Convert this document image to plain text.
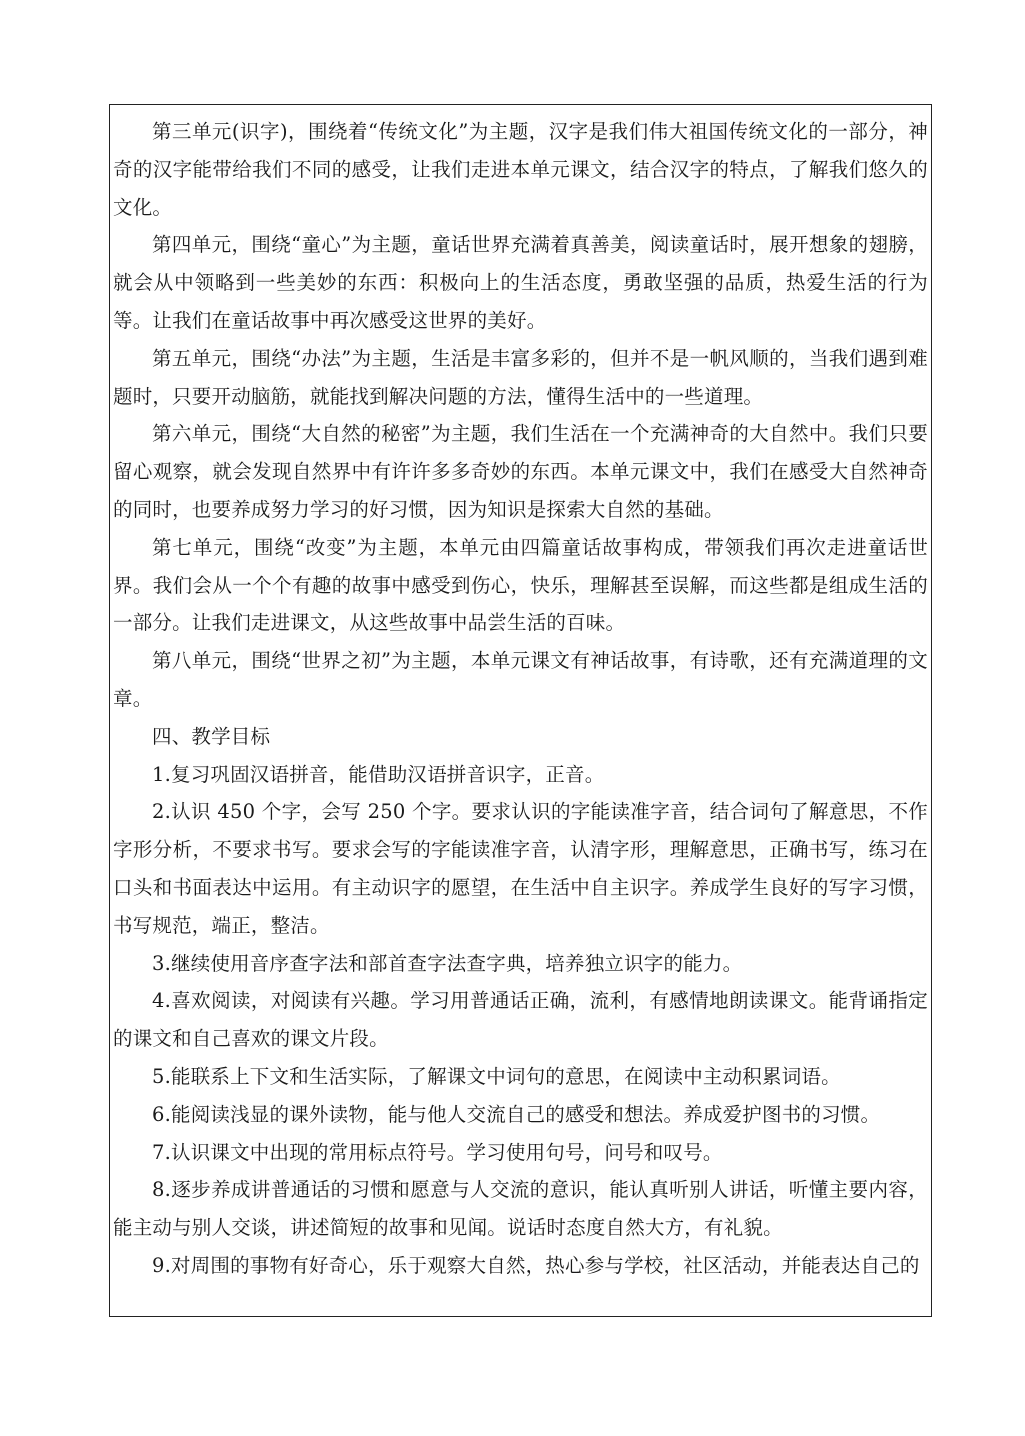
第三单元(识字)，围绕着“传统文化”为主题，汉字是我们伟大祖国传统文化的一部分，神奇的汉字能带给我们不同的感受，让我们走进本单元课文，结合汉字的特点，了解我们悠久的文化。

第四单元，围绕“童心”为主题，童话世界充满着真善美，阅读童话时，展开想象的翅膀，就会从中领略到一些美妙的东西：积极向上的生活态度，勇敢坚强的品质，热爱生活的行为等。让我们在童话故事中再次感受这世界的美好。

第五单元，围绕“办法”为主题，生活是丰富多彩的，但并不是一帆风顺的，当我们遇到难题时，只要开动脑筋，就能找到解决问题的方法，懂得生活中的一些道理。

第六单元，围绕“大自然的秘密”为主题，我们生活在一个充满神奇的大自然中。我们只要留心观察，就会发现自然界中有许许多多奇妙的东西。本单元课文中，我们在感受大自然神奇的同时，也要养成努力学习的好习惯，因为知识是探索大自然的基础。

第七单元，围绕“改变”为主题，本单元由四篇童话故事构成，带领我们再次走进童话世界。我们会从一个个有趣的故事中感受到伤心，快乐，理解甚至误解，而这些都是组成生活的一部分。让我们走进课文，从这些故事中品尝生活的百味。

第八单元，围绕“世界之初”为主题，本单元课文有神话故事，有诗歌，还有充满道理的文章。

四、教学目标

1.复习巩固汉语拼音，能借助汉语拼音识字，正音。

2.认识 450 个字，会写 250 个字。要求认识的字能读准字音，结合词句了解意思，不作字形分析，不要求书写。要求会写的字能读准字音，认清字形，理解意思，正确书写，练习在口头和书面表达中运用。有主动识字的愿望，在生活中自主识字。养成学生良好的写字习惯，书写规范，端正，整洁。

3.继续使用音序查字法和部首查字法查字典，培养独立识字的能力。

4.喜欢阅读，对阅读有兴趣。学习用普通话正确，流利，有感情地朗读课文。能背诵指定的课文和自己喜欢的课文片段。

5.能联系上下文和生活实际，了解课文中词句的意思，在阅读中主动积累词语。

6.能阅读浅显的课外读物，能与他人交流自己的感受和想法。养成爱护图书的习惯。

7.认识课文中出现的常用标点符号。学习使用句号，问号和叹号。

8.逐步养成讲普通话的习惯和愿意与人交流的意识，能认真听别人讲话，听懂主要内容，能主动与别人交谈，讲述简短的故事和见闻。说话时态度自然大方，有礼貌。

9.对周围的事物有好奇心，乐于观察大自然，热心参与学校，社区活动，并能表达自己的
